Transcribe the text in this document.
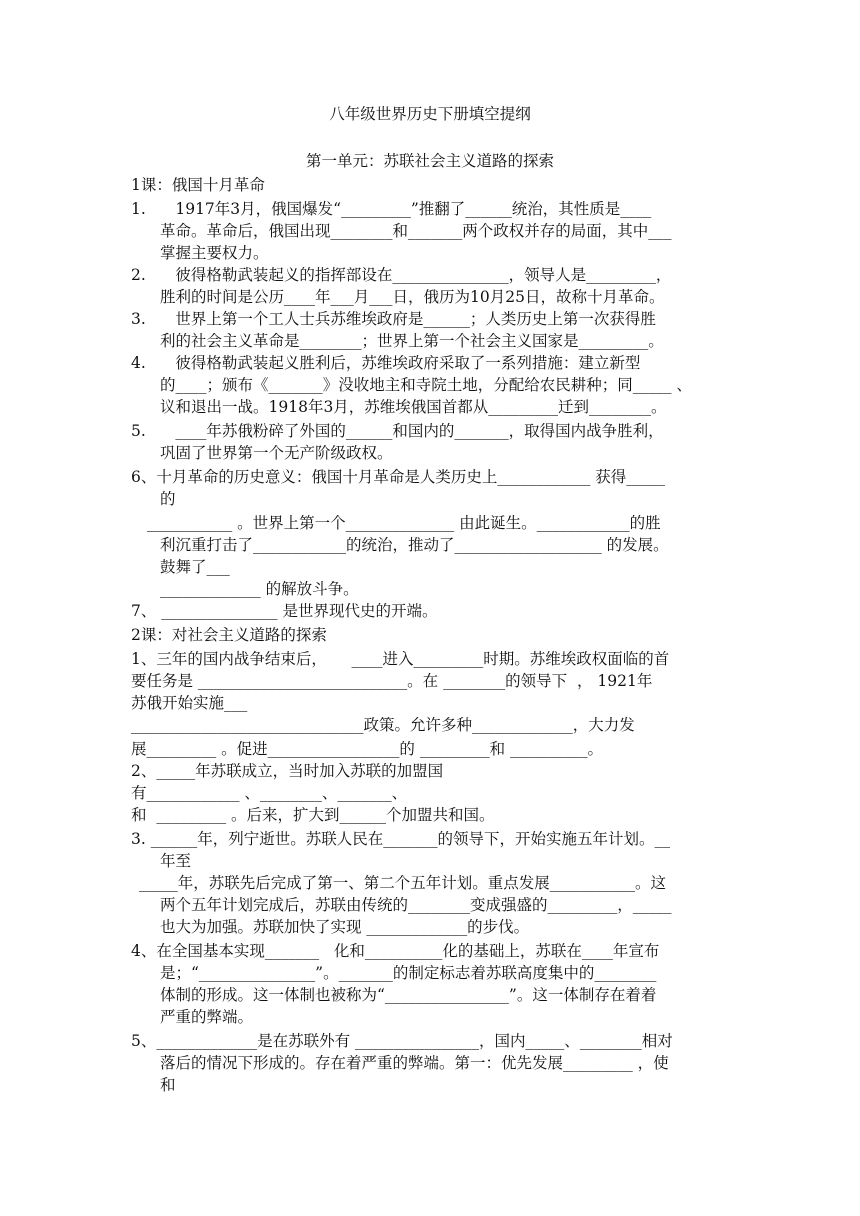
八年级世界历史下册填空提纲
第一单元：苏联社会主义道路的探索
1课：俄国十月革命
1.      1917年3月，俄国爆发“_________”推翻了______统治，其性质是____
革命。革命后，俄国出现________和_______两个政权并存的局面，其中___
掌握主要权力。
2.      彼得格勒武装起义的指挥部设在_______________，领导人是_________，
胜利的时间是公历____年___月___日，俄历为10月25日，故称十月革命。
3.      世界上第一个工人士兵苏维埃政府是______；人类历史上第一次获得胜
利的社会主义革命是________；世界上第一个社会主义国家是_________。
4.      彼得格勒武装起义胜利后，苏维埃政府采取了一系列措施：建立新型
的____；颁布《_______》没收地主和寺院土地，分配给农民耕种；同_____ 、
议和退出一战。1918年3月，苏维埃俄国首都从_________迁到________。
5.      ____年苏俄粉碎了外国的______和国内的_______，取得国内战争胜利，
巩固了世界第一个无产阶级政权。
6、十月革命的历史意义：俄国十月革命是人类历史上____________ 获得_____
的
___________ 。世界上第一个______________ 由此诞生。____________的胜
利沉重打击了____________的统治，推动了___________________ 的发展。
鼓舞了___
_____________ 的解放斗争。
7、 _______________ 是世界现代史的开端。
2课：对社会主义道路的探索
1、三年的国内战争结束后，     ____进入_________时期。苏维埃政权面临的首
要任务是 ___________________________。在 ________的领导下  ， 1921年
苏俄开始实施___
______________________________政策。允许多种_____________，大力发
展_________ 。促进_________________的 _________和 __________。
2、_____年苏联成立，当时加入苏联的加盟国
有____________ 、________、_______、
和  _________ 。后来，扩大到______个加盟共和国。
3. ______年，列宁逝世。苏联人民在_______的领导下，开始实施五年计划。__
年至
_____年，苏联先后完成了第一、第二个五年计划。重点发展___________。这
两个五年计划完成后，苏联由传统的________变成强盛的_________，_____
也大为加强。苏联加快了实现 _____________的步伐。
4、在全国基本实现_______   化和__________化的基础上，苏联在____年宣布
是；“_______________”。_______的制定标志着苏联高度集中的________
体制的形成。这一体制也被称为“________________”。这一体制存在着着
严重的弊端。
5、_____________是在苏联外有 ________________，国内_____、________相对
落后的情况下形成的。存在着严重的弊端。第一：优先发展_________ ，使
和
